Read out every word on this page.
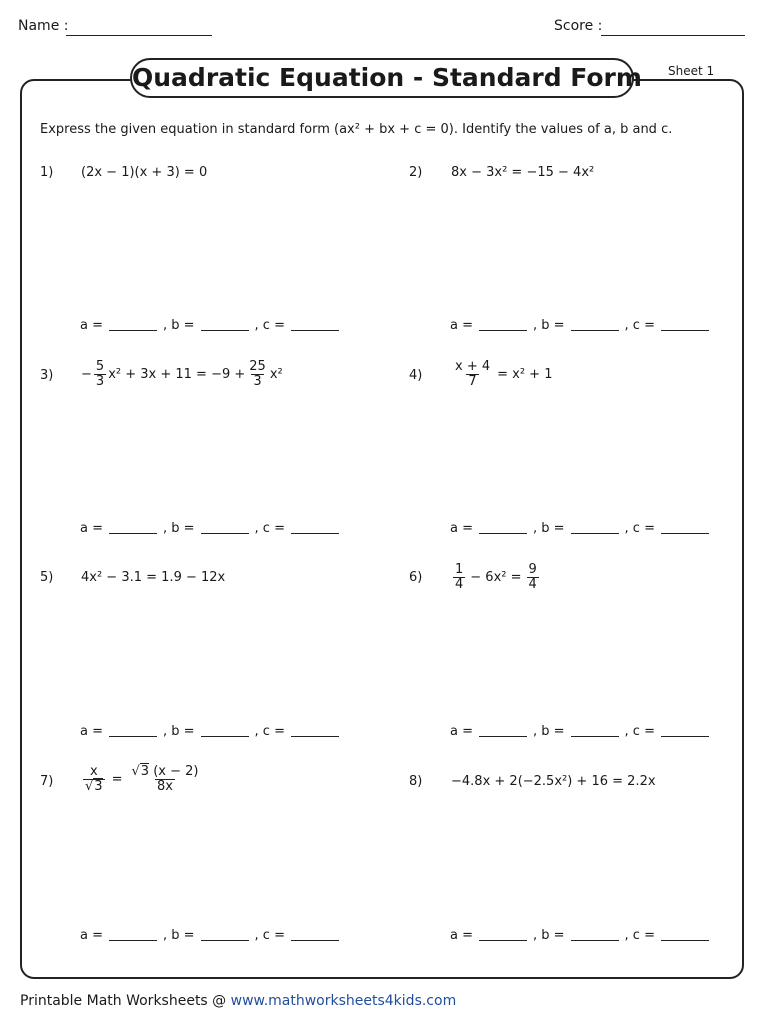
Name :	Score :
Quadratic Equation - Standard Form Sheet 1
Express the given equation in standard form (ax² + bx + c = 0). Identify the values of a, b and c.
1) (2x − 1)(x + 3) = 0	2) 8x − 3x² = −15 − 4x²
$3) - \frac{5}{3} x^2 + 3x + 11 = -9 + \frac{25}{3} x^2$	$4) \frac{x + 4}{7} = x^2 + 1$
5) 4x² − 3.1 = 1.9 − 12x	$6) \frac{1}{4} - 6x^2 = \frac{9}{4}$
$7) \frac{x}{√3} = \frac{√3 (x - 2)}{8x}$	8) −4.8x + 2(−2.5x²) + 16 = 2.2x
a =	, b =	, c =	a =	, b =	, c =
a =	, b =	, c =	a =	, b =	, c =
a =	, b =	, c =	a =	, b =	, c =
a =	, b =	, c =	a =	, b =	, c =
Printable Math Worksheets @ www.mathworksheets4kids.com
